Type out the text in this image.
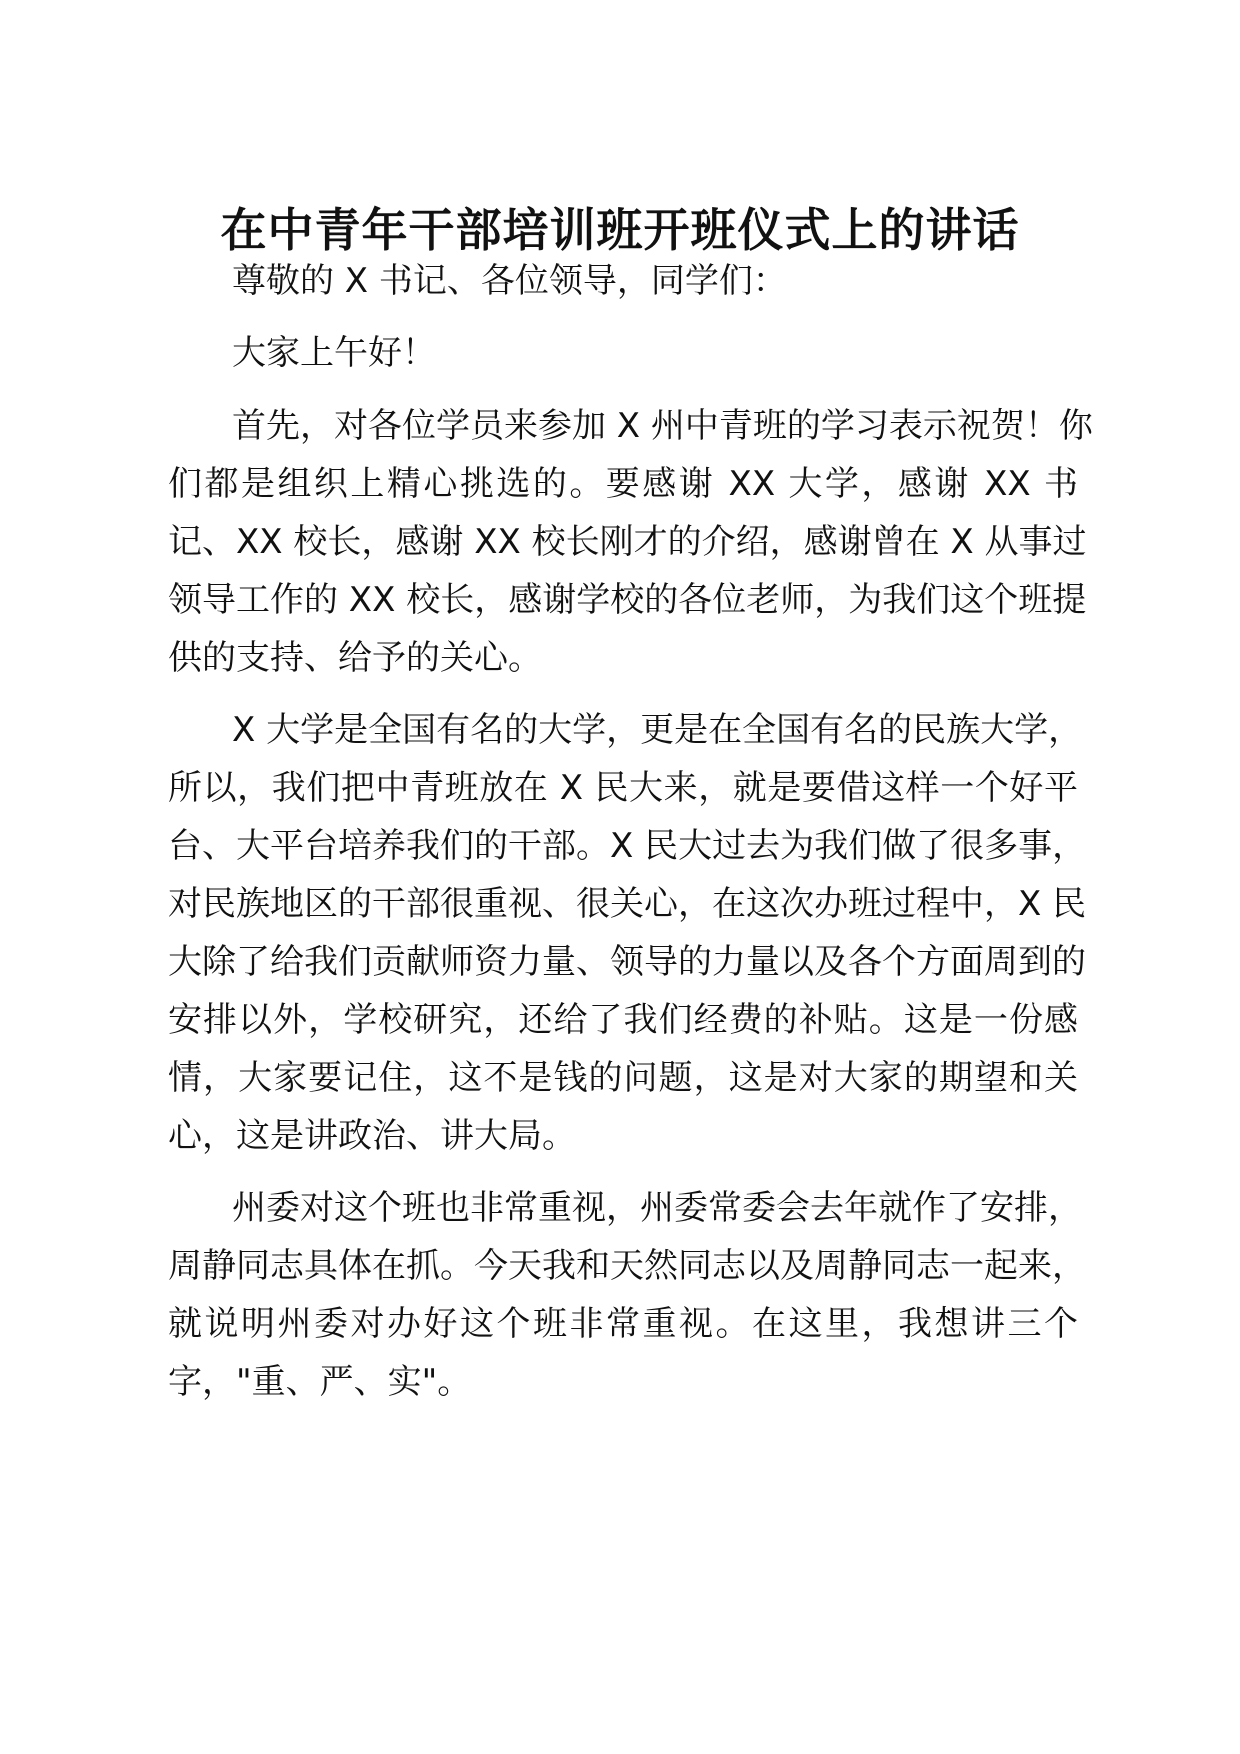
在中青年干部培训班开班仪式上的讲话

尊敬的 X 书记、各位领导，同学们：

大家上午好！

首先，对各位学员来参加 X 州中青班的学习表示祝贺！你

们都是组织上精心挑选的。要感谢 XX 大学，感谢 XX 书

记、XX 校长，感谢 XX 校长刚才的介绍，感谢曾在 X 从事过

领导工作的 XX 校长，感谢学校的各位老师，为我们这个班提

供的支持、给予的关心。

X 大学是全国有名的大学，更是在全国有名的民族大学，

所以，我们把中青班放在 X 民大来，就是要借这样一个好平

台、大平台培养我们的干部。X 民大过去为我们做了很多事，

对民族地区的干部很重视、很关心，在这次办班过程中，X 民

大除了给我们贡献师资力量、领导的力量以及各个方面周到的

安排以外，学校研究，还给了我们经费的补贴。这是一份感

情，大家要记住，这不是钱的问题，这是对大家的期望和关

心，这是讲政治、讲大局。

州委对这个班也非常重视，州委常委会去年就作了安排，

周静同志具体在抓。今天我和天然同志以及周静同志一起来，

就说明州委对办好这个班非常重视。在这里，我想讲三个

字，"重、严、实"。
